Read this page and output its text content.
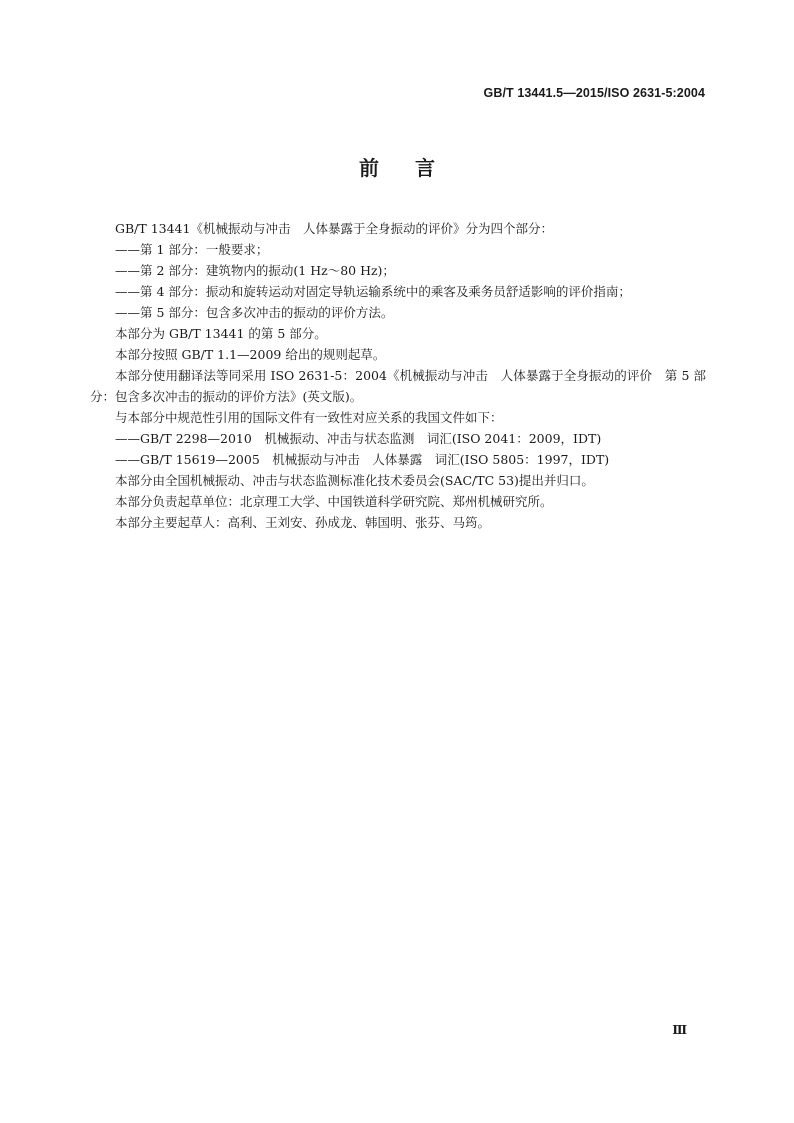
GB/T 13441.5—2015/ISO 2631-5:2004
前言

GB/T 13441《机械振动与冲击　人体暴露于全身振动的评价》分为四个部分：

——第 1 部分：一般要求；

——第 2 部分：建筑物内的振动(1 Hz～80 Hz)；

——第 4 部分：振动和旋转运动对固定导轨运输系统中的乘客及乘务员舒适影响的评价指南；

——第 5 部分：包含多次冲击的振动的评价方法。

本部分为 GB/T 13441 的第 5 部分。

本部分按照 GB/T 1.1—2009 给出的规则起草。

本部分使用翻译法等同采用 ISO 2631-5：2004《机械振动与冲击　人体暴露于全身振动的评价　第 5 部分：包含多次冲击的振动的评价方法》(英文版)。

与本部分中规范性引用的国际文件有一致性对应关系的我国文件如下：

——GB/T 2298—2010　机械振动、冲击与状态监测　词汇(ISO 2041：2009，IDT)

——GB/T 15619—2005　机械振动与冲击　人体暴露　词汇(ISO 5805：1997，IDT)

本部分由全国机械振动、冲击与状态监测标准化技术委员会(SAC/TC 53)提出并归口。

本部分负责起草单位：北京理工大学、中国铁道科学研究院、郑州机械研究所。

本部分主要起草人：高利、王刘安、孙成龙、韩国明、张芬、马筠。

Ⅲ
